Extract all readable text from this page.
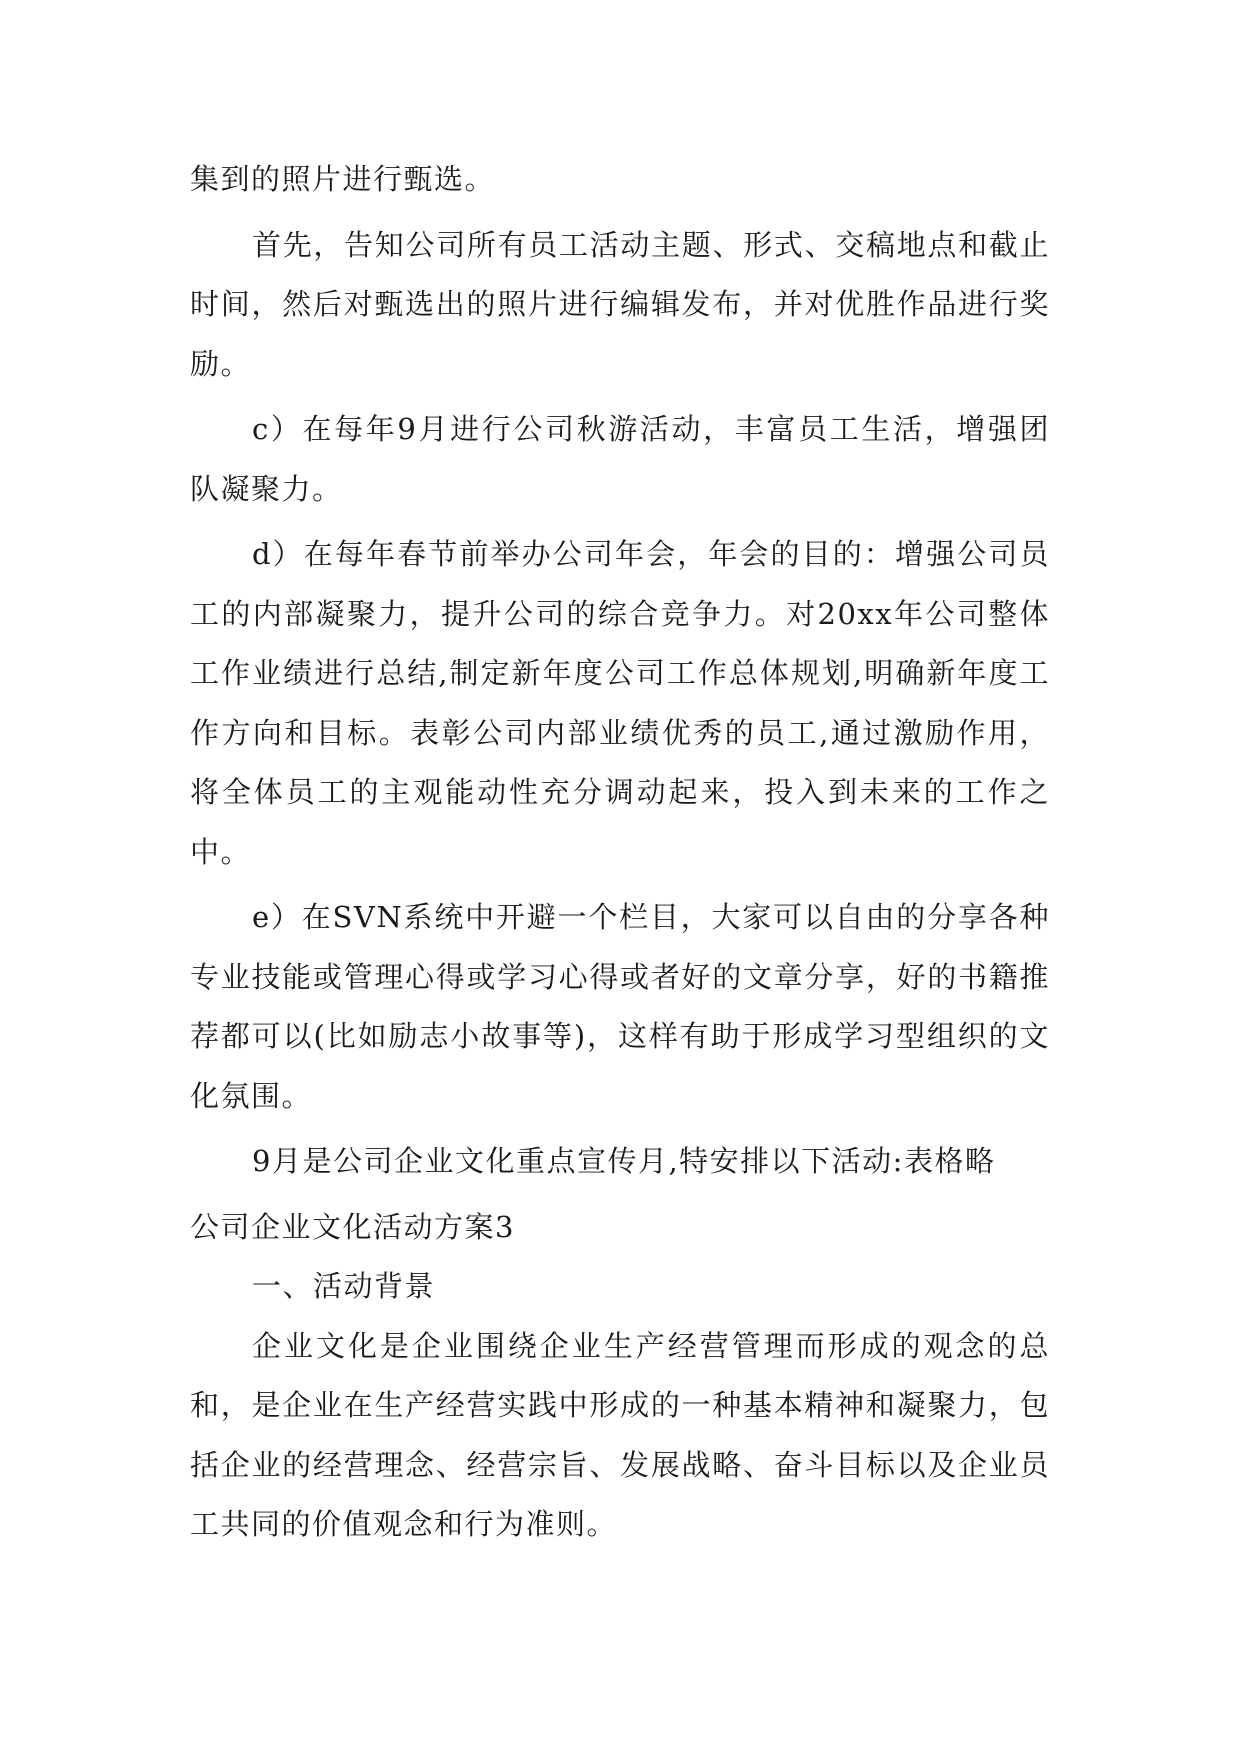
集到的照片进行甄选。

首先，告知公司所有员工活动主题、形式、交稿地点和截止时间，然后对甄选出的照片进行编辑发布，并对优胜作品进行奖励。

c）在每年9月进行公司秋游活动，丰富员工生活，增强团队凝聚力。

d）在每年春节前举办公司年会，年会的目的：增强公司员工的内部凝聚力，提升公司的综合竞争力。对20xx年公司整体工作业绩进行总结,制定新年度公司工作总体规划,明确新年度工作方向和目标。表彰公司内部业绩优秀的员工,通过激励作用，将全体员工的主观能动性充分调动起来，投入到未来的工作之中。

e）在SVN系统中开避一个栏目，大家可以自由的分享各种专业技能或管理心得或学习心得或者好的文章分享，好的书籍推荐都可以(比如励志小故事等)，这样有助于形成学习型组织的文化氛围。

9月是公司企业文化重点宣传月,特安排以下活动:表格略

公司企业文化活动方案3

一、活动背景

企业文化是企业围绕企业生产经营管理而形成的观念的总和，是企业在生产经营实践中形成的一种基本精神和凝聚力，包括企业的经营理念、经营宗旨、发展战略、奋斗目标以及企业员工共同的价值观念和行为准则。
